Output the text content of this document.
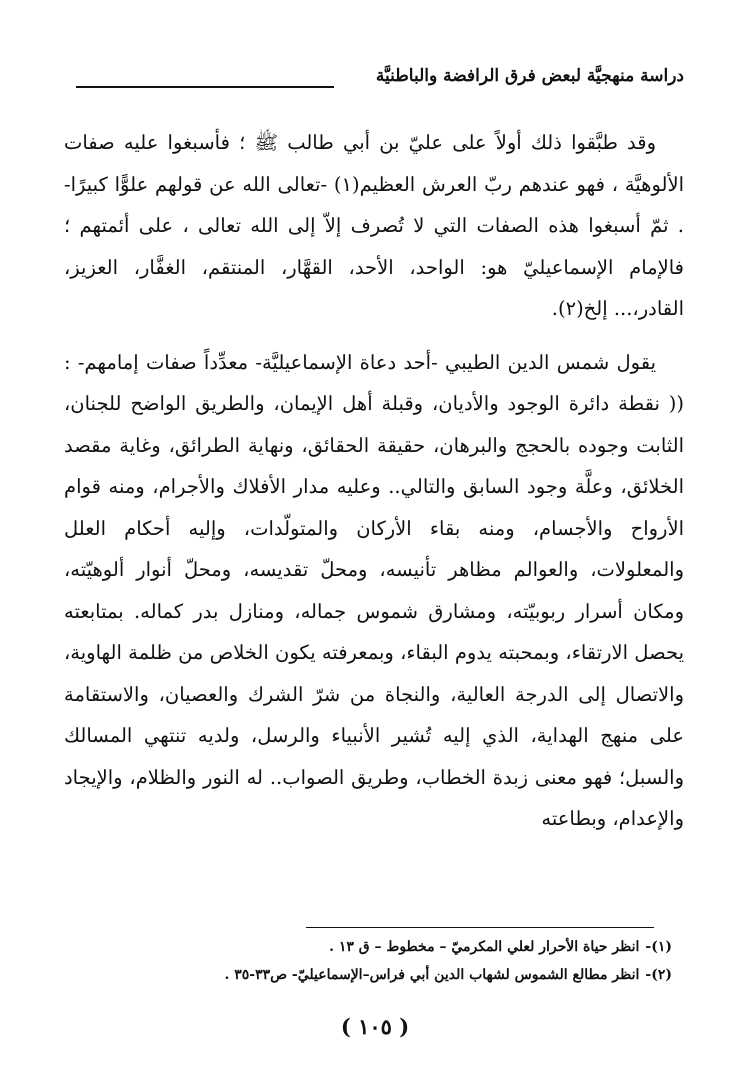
دراسة منهجيَّة لبعض فرق الرافضة والباطنيَّة

وقد طبَّقوا ذلك أولاً على عليّ بن أبي طالب ﷺ ؛ فأسبغوا عليه صفات الألوهيَّة ، فهو عندهم ربّ العرش العظيم(١) -تعالى الله عن قولهم علوًّا كبيرًا- . ثمّ أسبغوا هذه الصفات التي لا تُصرف إلاّ إلى الله تعالى ، على أئمتهم ؛ فالإمام الإسماعيليّ هو: الواحد، الأحد، القهَّار، المنتقم، الغفَّار، العزيز، القادر،... إلخ(٢).

يقول شمس الدين الطيبي -أحد دعاة الإسماعيليَّة- معدِّداً صفات إمامهم- : (( نقطة دائرة الوجود والأديان، وقبلة أهل الإيمان، والطريق الواضح للجنان، الثابت وجوده بالحجج والبرهان، حقيقة الحقائق، ونهاية الطرائق، وغاية مقصد الخلائق، وعلَّة وجود السابق والتالي.. وعليه مدار الأفلاك والأجرام، ومنه قوام الأرواح والأجسام، ومنه بقاء الأركان والمتولّدات، وإليه أحكام العلل والمعلولات، والعوالم مظاهر تأنيسه، ومحلّ تقديسه، ومحلّ أنوار ألوهيّته، ومكان أسرار ربوبيّته، ومشارق شموس جماله، ومنازل بدر كماله. بمتابعته يحصل الارتقاء، وبمحبته يدوم البقاء، وبمعرفته يكون الخلاص من ظلمة الهاوية، والاتصال إلى الدرجة العالية، والنجاة من شرّ الشرك والعصيان، والاستقامة على منهج الهداية، الذي إليه تُشير الأنبياء والرسل، ولديه تنتهي المسالك والسبل؛ فهو معنى زبدة الخطاب، وطريق الصواب.. له النور والظلام، والإيجاد والإعدام، وبطاعته

(١)-انظر حياة الأحرار لعلي المكرميّ – مخطوط – ق ١٣ .
(٢)-انظر مطالع الشموس لشهاب الدين أبي فراس–الإسماعيليّ- ص٣٣-٣٥ .
( ١٠٥ )
